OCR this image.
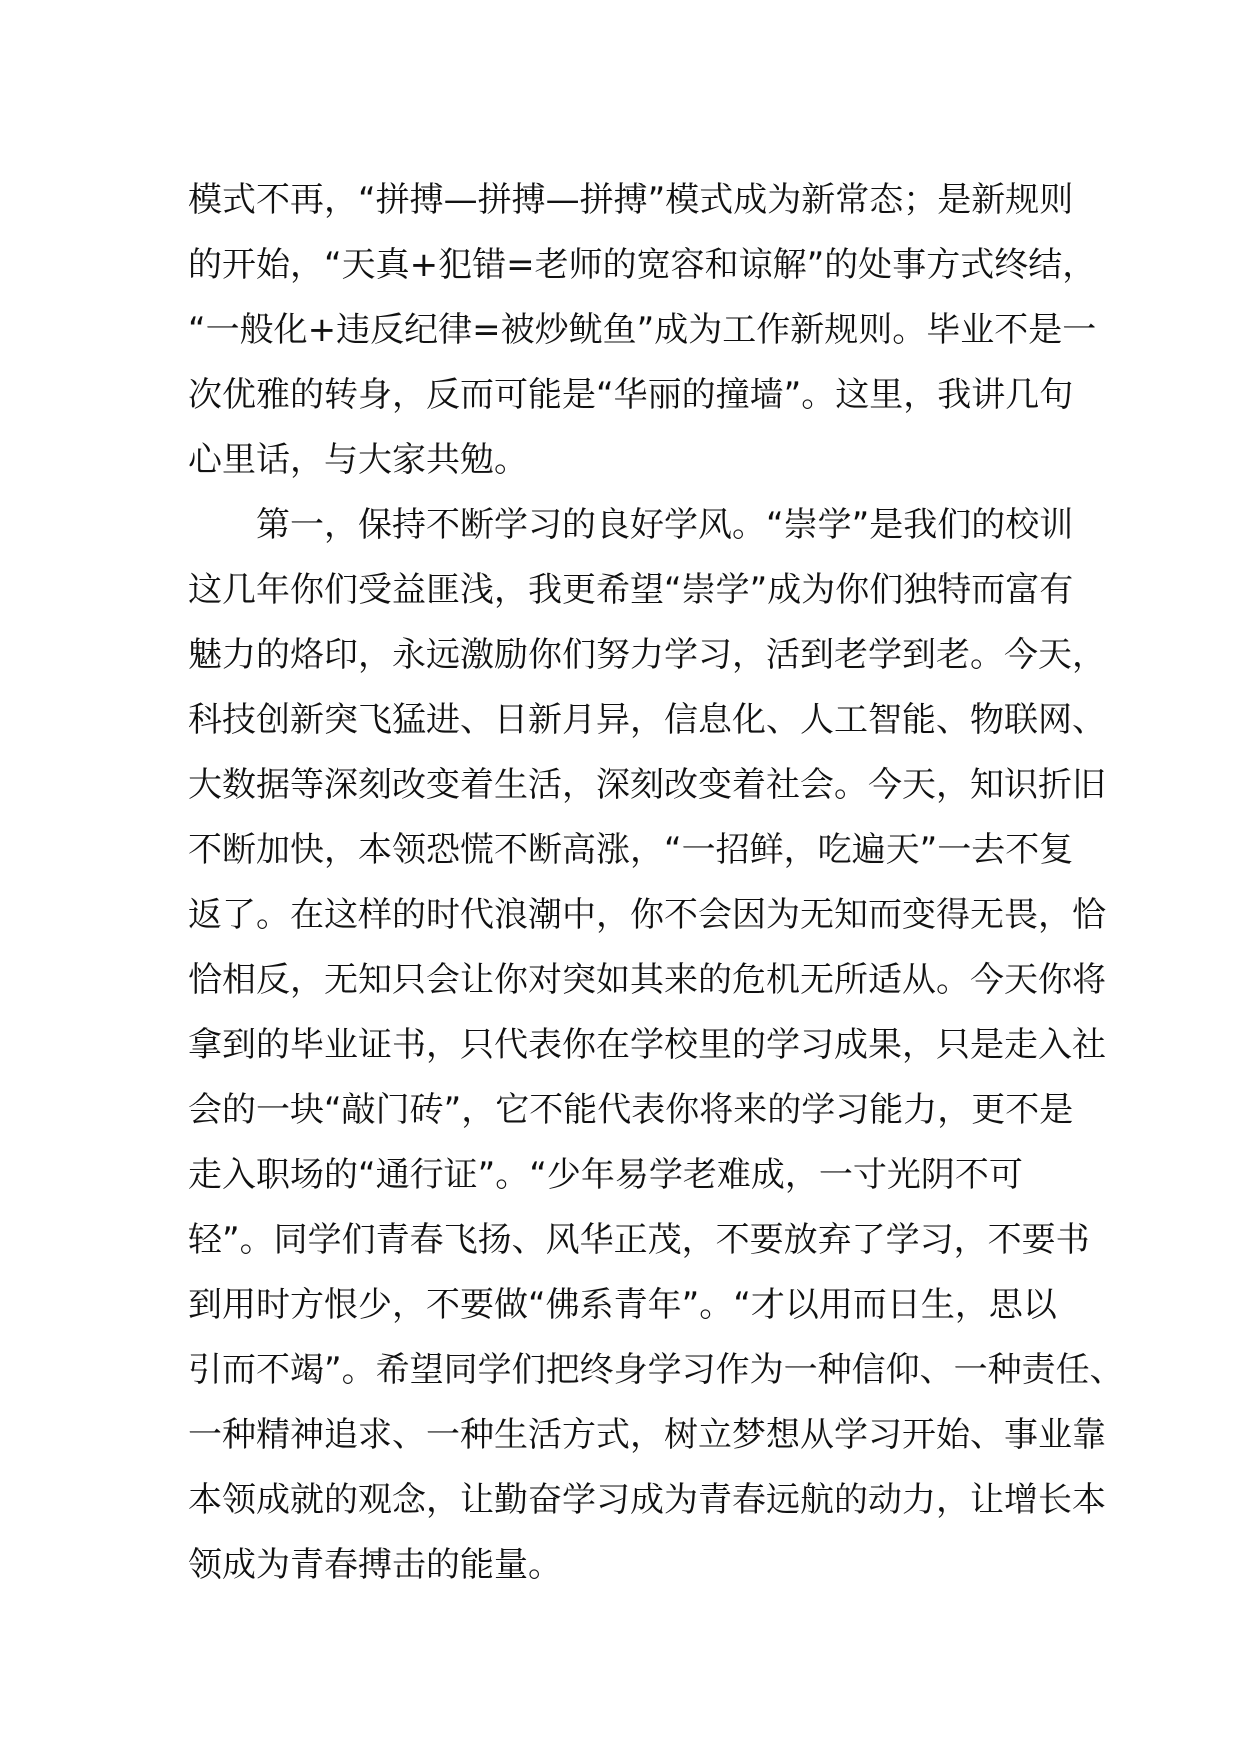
模式不再，“拼搏—拼搏—拼搏”模式成为新常态；是新规则
的开始，“天真+犯错=老师的宽容和谅解”的处事方式终结，
“一般化+违反纪律=被炒鱿鱼”成为工作新规则。毕业不是一
次优雅的转身，反而可能是“华丽的撞墙”。这里，我讲几句
心里话，与大家共勉。
　　第一，保持不断学习的良好学风。“崇学”是我们的校训
这几年你们受益匪浅，我更希望“崇学”成为你们独特而富有
魅力的烙印，永远激励你们努力学习，活到老学到老。今天，
科技创新突飞猛进、日新月异，信息化、人工智能、物联网、
大数据等深刻改变着生活，深刻改变着社会。今天，知识折旧
不断加快，本领恐慌不断高涨，“一招鲜，吃遍天”一去不复
返了。在这样的时代浪潮中，你不会因为无知而变得无畏，恰
恰相反，无知只会让你对突如其来的危机无所适从。今天你将
拿到的毕业证书，只代表你在学校里的学习成果，只是走入社
会的一块“敲门砖”，它不能代表你将来的学习能力，更不是
走入职场的“通行证”。“少年易学老难成，一寸光阴不可
轻”。同学们青春飞扬、风华正茂，不要放弃了学习，不要书
到用时方恨少，不要做“佛系青年”。“才以用而日生，思以
引而不竭”。希望同学们把终身学习作为一种信仰、一种责任、
一种精神追求、一种生活方式，树立梦想从学习开始、事业靠
本领成就的观念，让勤奋学习成为青春远航的动力，让增长本
领成为青春搏击的能量。
